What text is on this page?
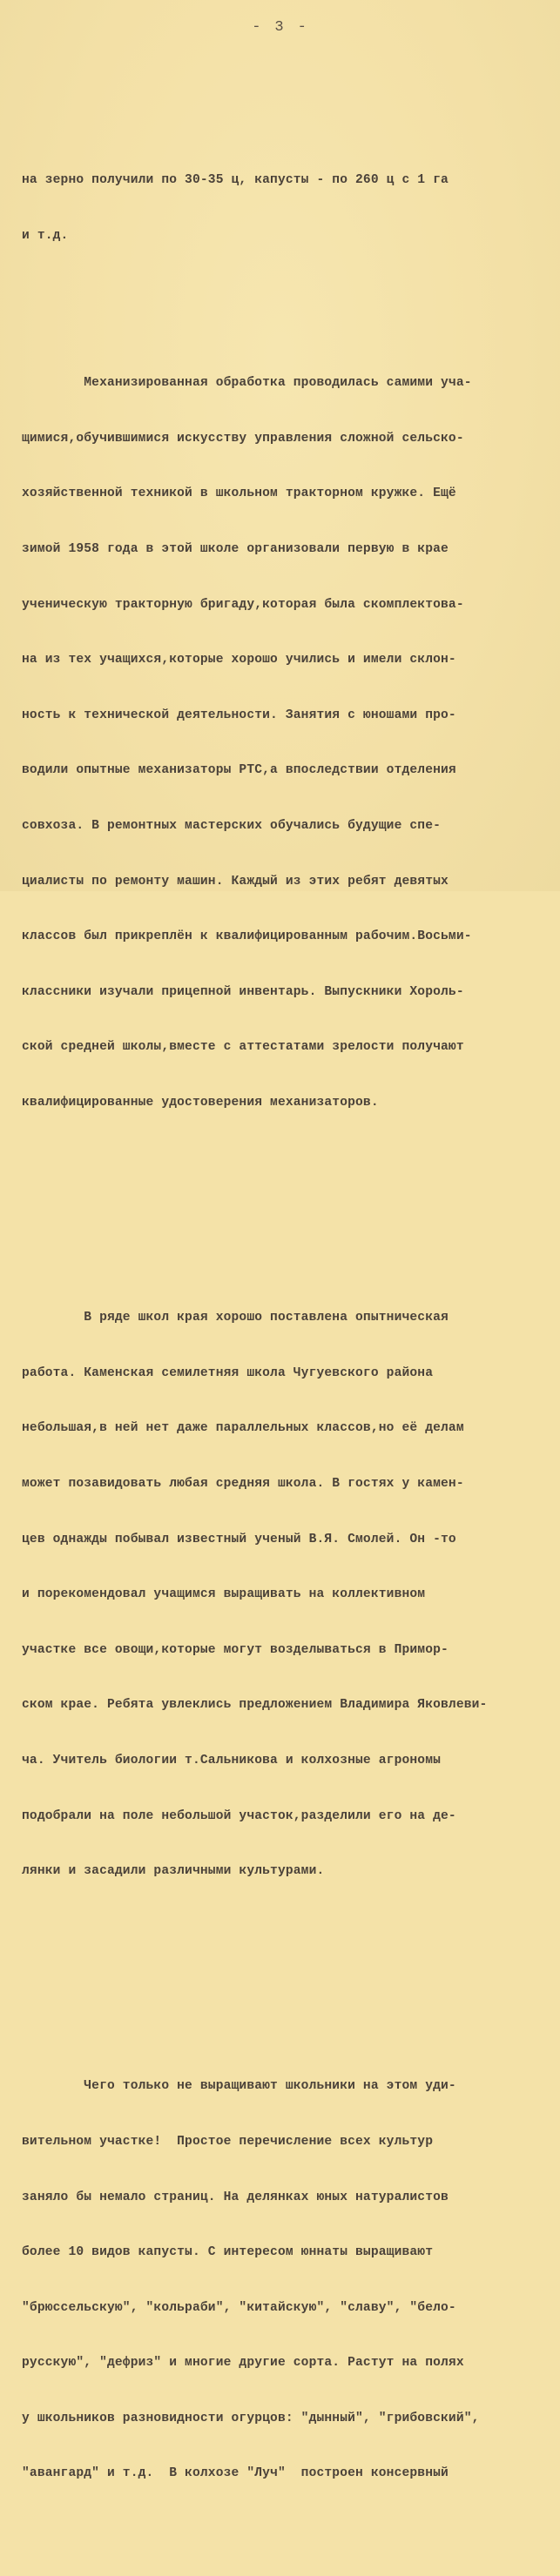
- 3 -

на зерно получили по 30-35 ц, капусты - по 260 ц с 1 га

и т.д.

Механизированная обработка проводилась самими уча-

щимися,обучившимися искусству управления сложной сельско-

хозяйственной техникой в школьном тракторном кружке. Ещё

зимой 1958 года в этой школе организовали первую в крае

ученическую тракторную бригаду,которая была скомплектова-

на из тех учащихся,которые хорошо учились и имели склон-

ность к технической деятельности. Занятия с юношами про-

водили опытные механизаторы РТС,а впоследствии отделения

совхоза. В ремонтных мастерских обучались будущие спе-

циалисты по ремонту машин. Каждый из этих ребят девятых

классов был прикреплён к квалифицированным рабочим.Восьми-

классники изучали прицепной инвентарь. Выпускники Хороль-

ской средней школы,вместе с аттестатами зрелости получают

квалифицированные удостоверения механизаторов.

В ряде школ края хорошо поставлена опытническая

работа. Каменская семилетняя школа Чугуевского района

небольшая,в ней нет даже параллельных классов,но её делам

может позавидовать любая средняя школа. В гостях у камен-

цев однажды побывал известный ученый В.Я. Смолей. Он -то

и порекомендовал учащимся выращивать на коллективном

участке все овощи,которые могут возделываться в Примор-

ском крае. Ребята увлеклись предложением Владимира Яковлеви-

ча. Учитель биологии т.Сальникова и колхозные агрономы

подобрали на поле небольшой участок,разделили его на де-

лянки и засадили различными культурами.

Чего только не выращивают школьники на этом уди-

вительном участке!  Простое перечисление всех культур

заняло бы немало страниц. На делянках юных натуралистов

более 10 видов капусты. С интересом юннаты выращивают

"брюссельскую", "кольраби", "китайскую", "славу", "бело-

русскую", "дефриз" и многие другие сорта. Растут на полях

у школьников разновидности огурцов: "дынный", "грибовский",

"авангард" и т.д.  В колхозе "Луч"  построен консервный
